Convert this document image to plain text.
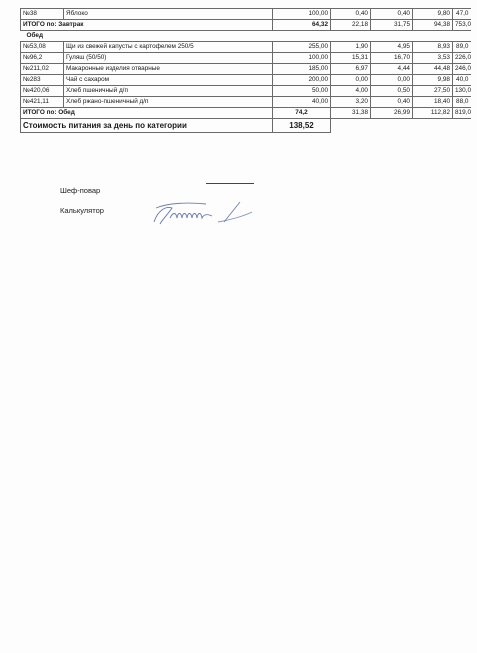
№38	Яблоко	100,00	0,40	0,40	9,80	47,0
ИТОГО по: Завтрак		64,32	22,18	31,75	94,38	753,0
Обед						
№53,08	Щи из свежей капусты с картофелем 250/5	255,00	1,90	4,95	8,93	89,0
№96,2	Гуляш (50/50)	100,00	15,31	16,70	3,53	226,0
№211,02	Макаронные изделия отварные	185,00	6,97	4,44	44,48	246,0
№283	Чай с сахаром	200,00	0,00	0,00	9,98	40,0
№420,06	Хлеб пшеничный д/п	50,00	4,00	0,50	27,50	130,0
№421,11	Хлеб ржано-пшеничный д/п	40,00	3,20	0,40	18,40	88,0
ИТОГО по: Обед		74,2	31,38	26,99	112,82	819,0
Стоимость питания за день по категории		138,52				
Шеф-повар
Калькулятор
